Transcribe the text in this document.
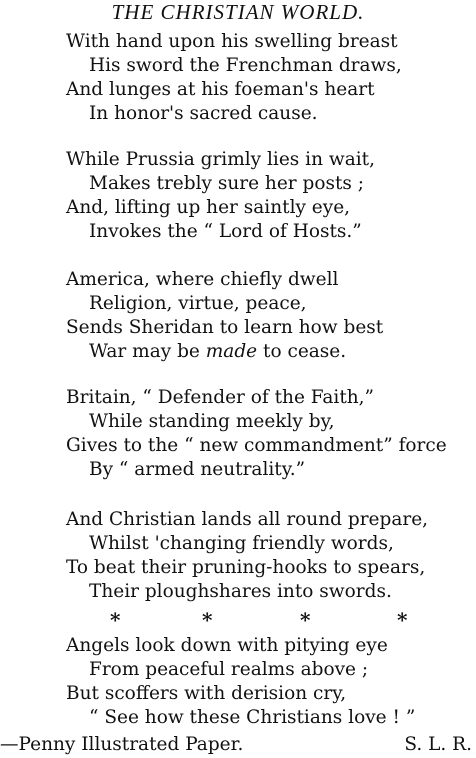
THE CHRISTIAN WORLD.
With hand upon his swelling breast
His sword the Frenchman draws,
And lunges at his foeman's heart
In honor's sacred cause.
While Prussia grimly lies in wait,
Makes trebly sure her posts ;
And, lifting up her saintly eye,
Invokes the “ Lord of Hosts.”
America, where chiefly dwell
Religion, virtue, peace,
Sends Sheridan to learn how best
War may be made to cease.
Britain, “ Defender of the Faith,”
While standing meekly by,
Gives to the “ new commandment” force
By “ armed neutrality.”
And Christian lands all round prepare,
Whilst 'changing friendly words,
To beat their pruning-hooks to spears,
Their ploughshares into swords.
*	*	*	*
Angels look down with pitying eye
From peaceful realms above ;
But scoffers with derision cry,
“ See how these Christians love ! ”
—Penny Illustrated Paper.	S. L. R.
